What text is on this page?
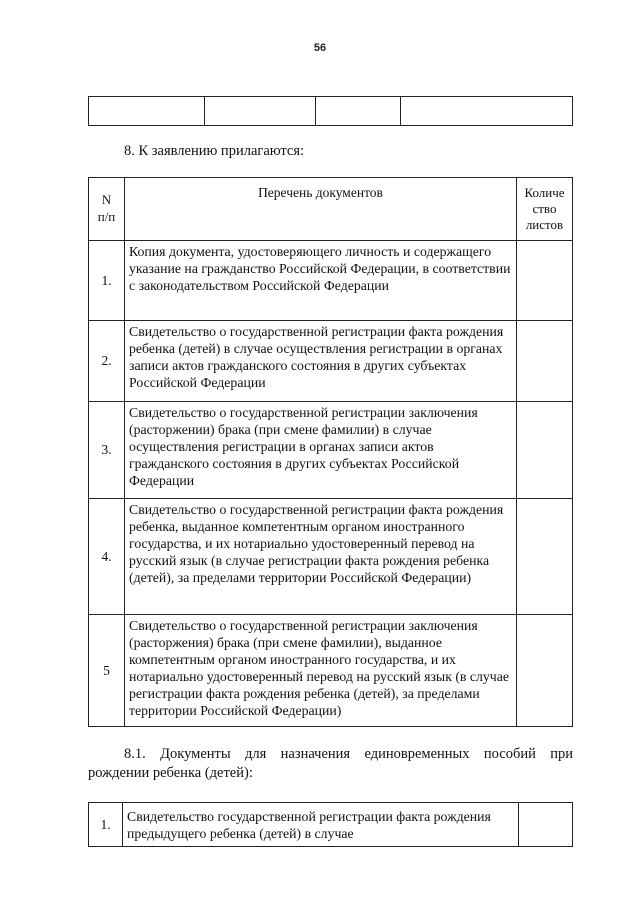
56

8. К заявлению прилагаются:
N п/п	Перечень документов	Количе ство листов
1.	Копия документа, удостоверяющего личность и содержащего указание на гражданство Российской Федерации, в соответствии с законодательством Российской Федерации	
2.	Свидетельство о государственной регистрации факта рождения ребенка (детей) в случае осуществления регистрации в органах записи актов гражданского состояния в других субъектах Российской Федерации	
3.	Свидетельство о государственной регистрации заключения (расторжении) брака (при смене фамилии) в случае осуществления регистрации в органах записи актов гражданского состояния в других субъектах Российской Федерации	
4.	Свидетельство о государственной регистрации факта рождения ребенка, выданное компетентным органом иностранного государства, и их нотариально удостоверенный перевод на русский язык (в случае регистрации факта рождения ребенка (детей), за пределами территории Российской Федерации)	
5	Свидетельство о государственной регистрации заключения (расторжения) брака (при смене фамилии), выданное компетентным органом иностранного государства, и их нотариально удостоверенный перевод на русский язык (в случае регистрации факта рождения ребенка (детей), за пределами территории Российской Федерации)	
8.1. Документы для назначения единовременных пособий при рождении ребенка (детей):
1.	Свидетельство государственной регистрации факта рождения предыдущего ребенка (детей) в случае	
